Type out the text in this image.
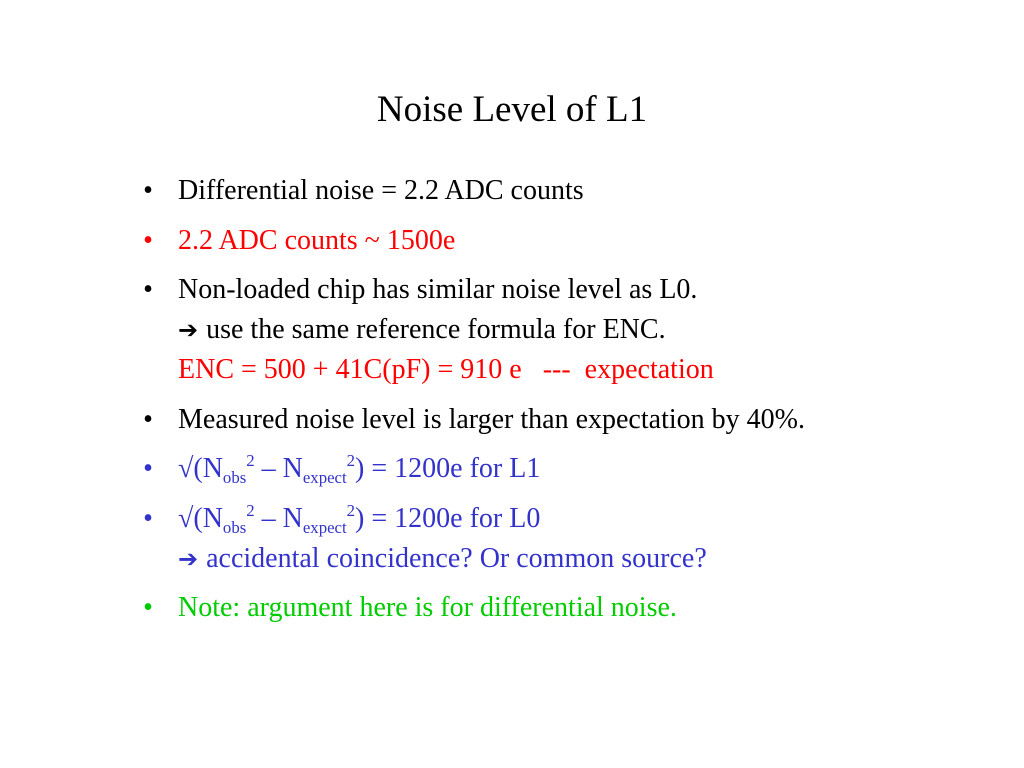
Noise Level of L1
• Differential noise = 2.2 ADC counts
• 2.2 ADC counts ~ 1500e
• Non-loaded chip has similar noise level as L0.
➔ use the same reference formula for ENC.
ENC = 500 + 41C(pF) = 910 e   ---  expectation
• Measured noise level is larger than expectation by 40%.
• $√(N_{obs}^2 - N_{expect}^2) = 1200e$ for L1
• $√(N_{obs}^2 - N_{expect}^2) = 1200e$ for L0
➔ accidental coincidence? Or common source?
• Note: argument here is for differential noise.
